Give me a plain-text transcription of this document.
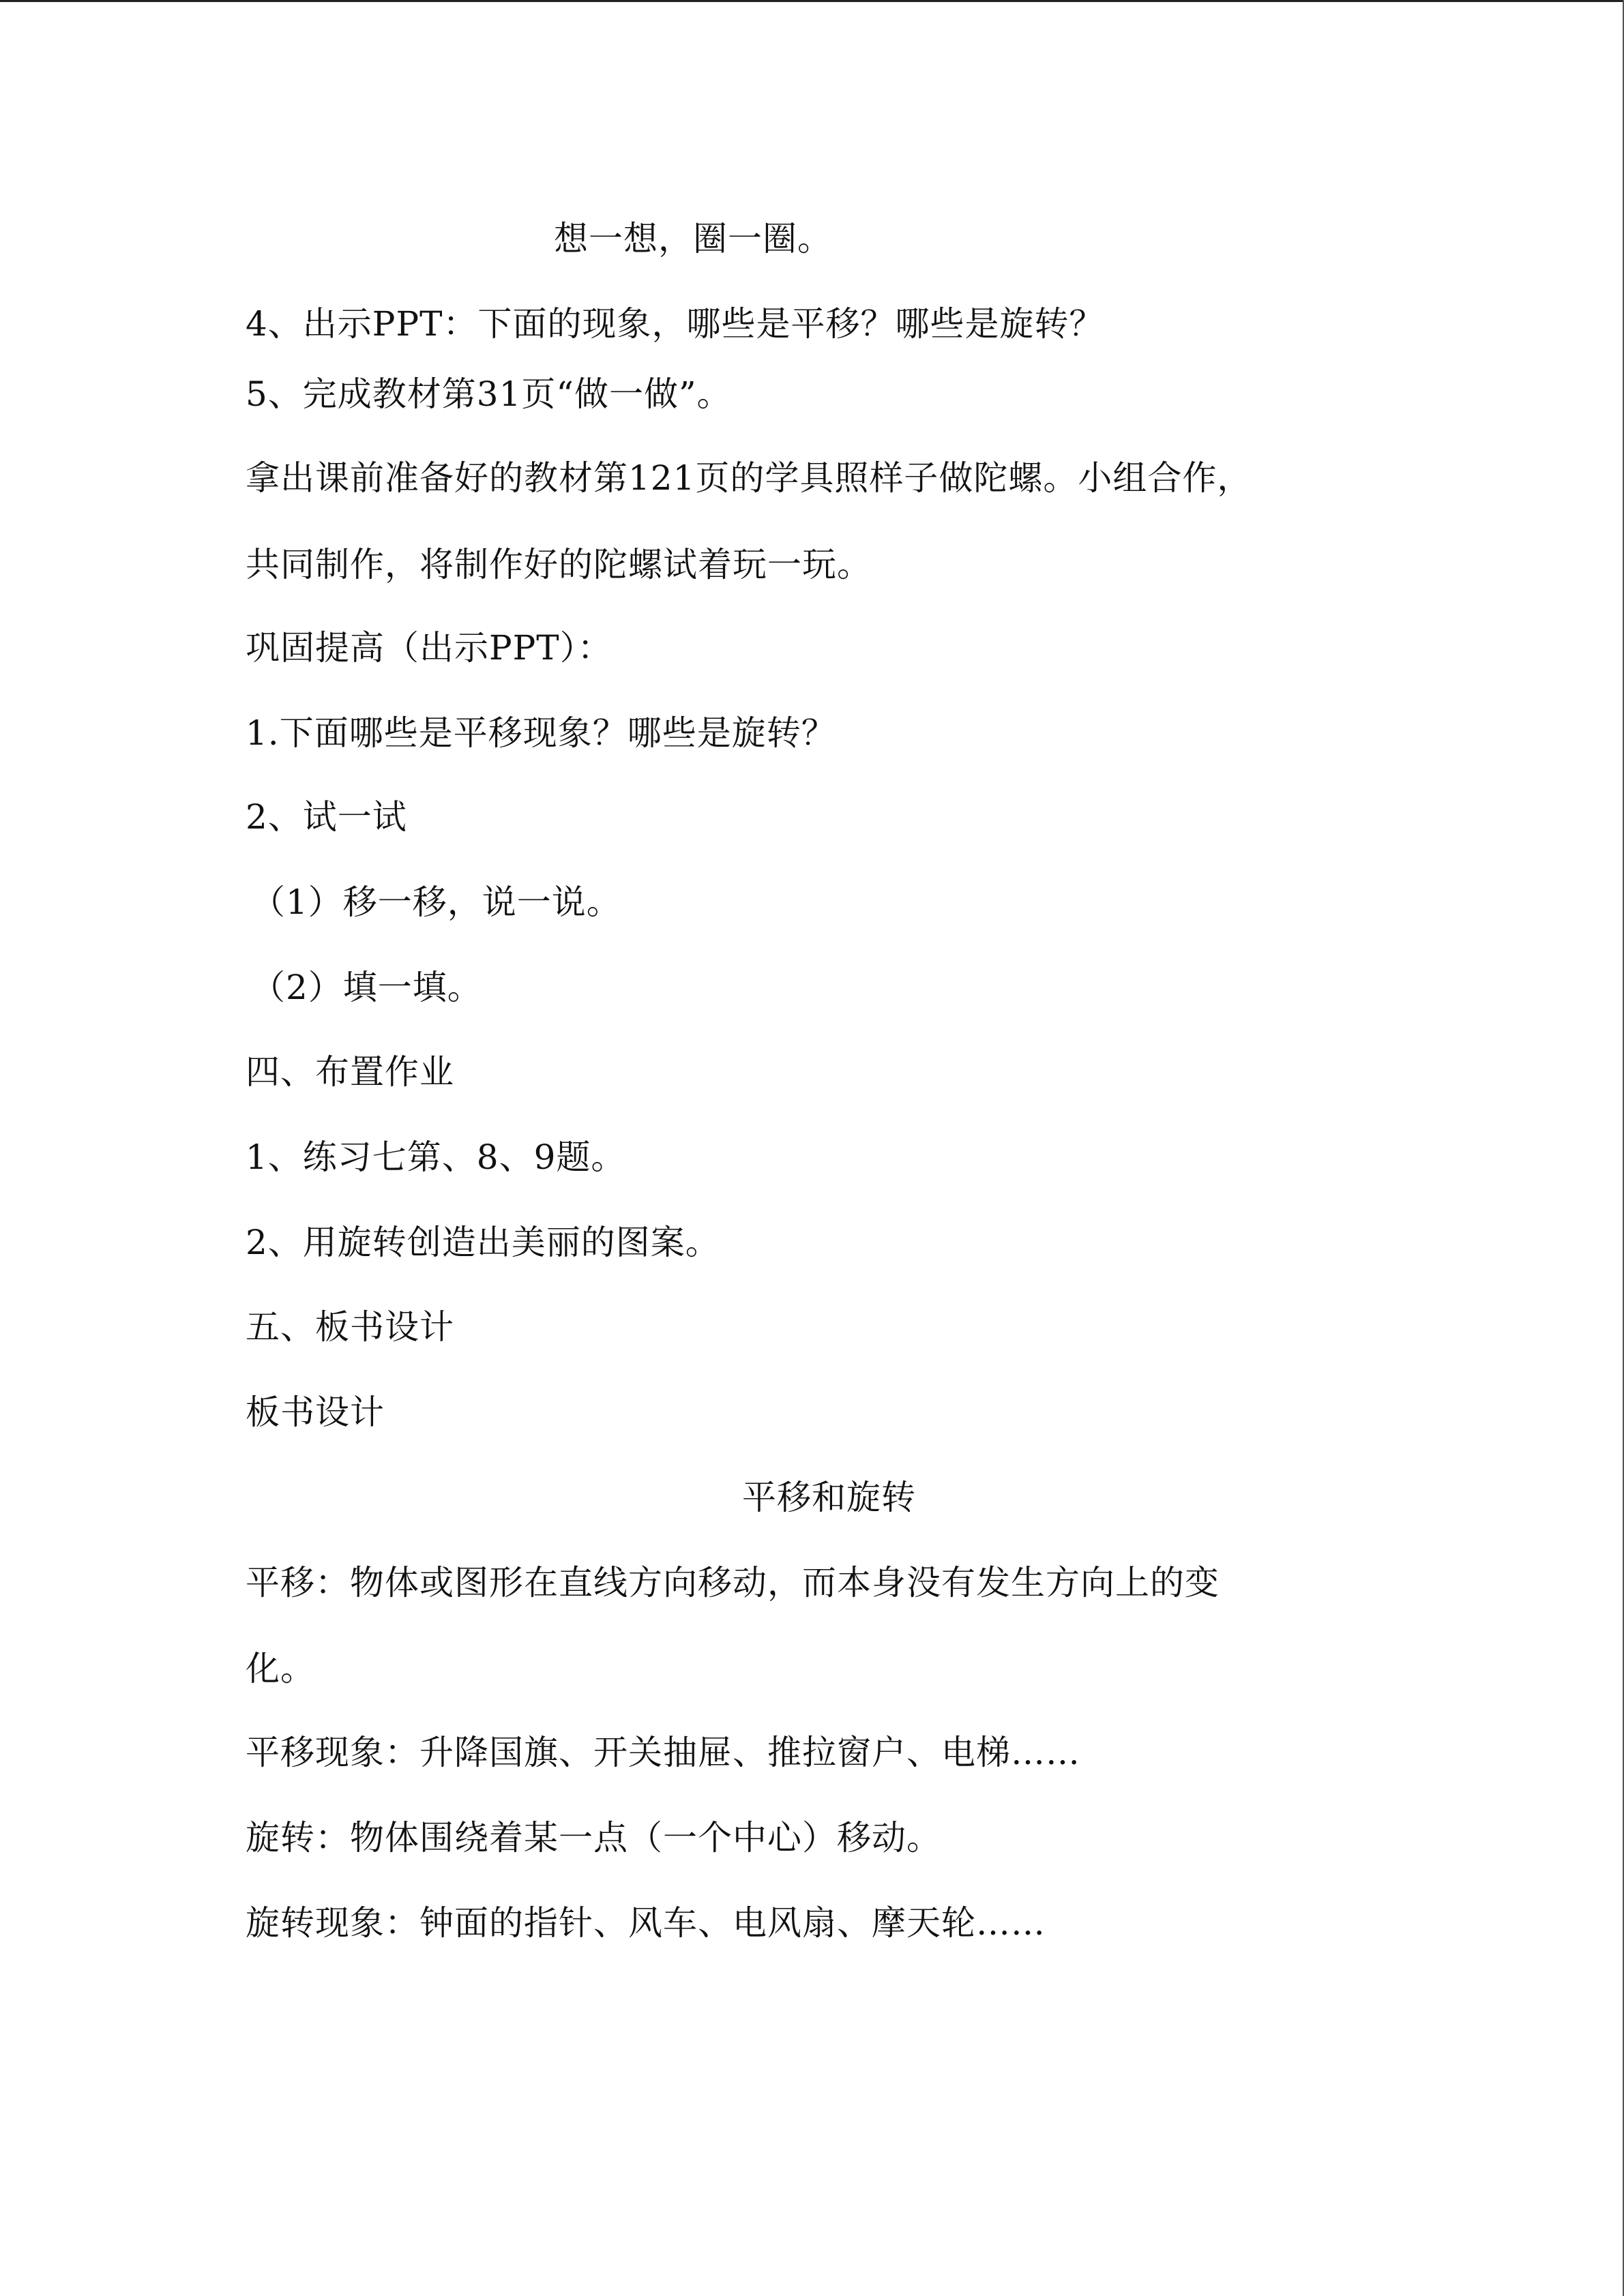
想一想，圈一圈。
4、出示PPT：下面的现象，哪些是平移？哪些是旋转？
5、完成教材第31页“做一做”。
拿出课前准备好的教材第121页的学具照样子做陀螺。小组合作，
共同制作，将制作好的陀螺试着玩一玩。
巩固提高（出示PPT）：
1.下面哪些是平移现象？哪些是旋转？
2、试一试
（1）移一移，说一说。
（2）填一填。
四、布置作业
1、练习七第、8、9题。
2、用旋转创造出美丽的图案。
五、板书设计
板书设计
平移和旋转
平移：物体或图形在直线方向移动，而本身没有发生方向上的变
化。
平移现象：升降国旗、开关抽屉、推拉窗户、电梯……
旋转：物体围绕着某一点（一个中心）移动。
旋转现象：钟面的指针、风车、电风扇、摩天轮……
